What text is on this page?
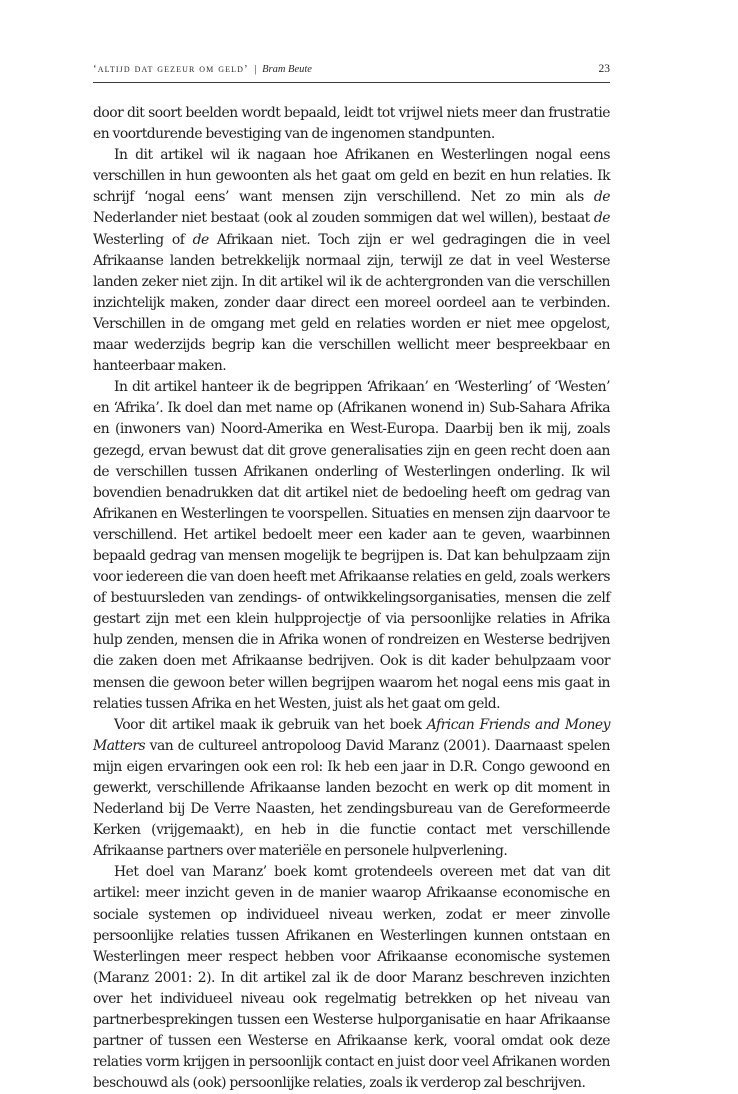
‘altijd dat gezeur om geld’ | Bram Beute	23

door dit soort beelden wordt bepaald, leidt tot vrijwel niets meer dan frustratie en voortdurende bevestiging van de ingenomen standpunten.

In dit artikel wil ik nagaan hoe Afrikanen en Westerlingen nogal eens verschillen in hun gewoonten als het gaat om geld en bezit en hun relaties. Ik schrijf ‘nogal eens’ want mensen zijn verschillend. Net zo min als de Nederlander niet bestaat (ook al zouden sommigen dat wel willen), bestaat de Westerling of de Afrikaan niet. Toch zijn er wel gedragingen die in veel Afrikaanse landen betrekkelijk normaal zijn, terwijl ze dat in veel Westerse landen zeker niet zijn. In dit artikel wil ik de achtergronden van die verschillen inzichtelijk maken, zonder daar direct een moreel oordeel aan te verbinden. Verschillen in de omgang met geld en relaties worden er niet mee opgelost, maar wederzijds begrip kan die verschillen wellicht meer bespreekbaar en hanteerbaar maken.

In dit artikel hanteer ik de begrippen ‘Afrikaan’ en ‘Westerling’ of ‘Westen’ en ‘Afrika’. Ik doel dan met name op (Afrikanen wonend in) Sub-Sahara Afrika en (inwoners van) Noord-Amerika en West-Europa. Daarbij ben ik mij, zoals gezegd, ervan bewust dat dit grove generalisaties zijn en geen recht doen aan de verschillen tussen Afrikanen onderling of Westerlingen onderling. Ik wil bovendien benadrukken dat dit artikel niet de bedoeling heeft om gedrag van Afrikanen en Westerlingen te voorspellen. Situaties en mensen zijn daarvoor te verschillend. Het artikel bedoelt meer een kader aan te geven, waarbinnen bepaald gedrag van mensen mogelijk te begrijpen is. Dat kan behulpzaam zijn voor iedereen die van doen heeft met Afrikaanse relaties en geld, zoals werkers of bestuursleden van zendings- of ontwikkelingsorganisaties, mensen die zelf gestart zijn met een klein hulpprojectje of via persoonlijke relaties in Afrika hulp zenden, mensen die in Afrika wonen of rondreizen en Westerse bedrijven die zaken doen met Afrikaanse bedrijven. Ook is dit kader behulpzaam voor mensen die gewoon beter willen begrijpen waarom het nogal eens mis gaat in relaties tussen Afrika en het Westen, juist als het gaat om geld.

Voor dit artikel maak ik gebruik van het boek African Friends and Money Matters van de cultureel antropoloog David Maranz (2001). Daarnaast spelen mijn eigen ervaringen ook een rol: Ik heb een jaar in D.R. Congo gewoond en gewerkt, verschillende Afrikaanse landen bezocht en werk op dit moment in Nederland bij De Verre Naasten, het zendingsbureau van de Gereformeerde Kerken (vrijgemaakt), en heb in die functie contact met verschillende Afrikaanse partners over materiële en personele hulpverlening.

Het doel van Maranz’ boek komt grotendeels overeen met dat van dit artikel: meer inzicht geven in de manier waarop Afrikaanse economische en sociale systemen op individueel niveau werken, zodat er meer zinvolle persoonlijke relaties tussen Afrikanen en Westerlingen kunnen ontstaan en Westerlingen meer respect hebben voor Afrikaanse economische systemen (Maranz 2001: 2). In dit artikel zal ik de door Maranz beschreven inzichten over het individueel niveau ook regelmatig betrekken op het niveau van partnerbesprekingen tussen een Westerse hulporganisatie en haar Afrikaanse partner of tussen een Westerse en Afrikaanse kerk, vooral omdat ook deze relaties vorm krijgen in persoonlijk contact en juist door veel Afrikanen worden beschouwd als (ook) persoonlijke relaties, zoals ik verderop zal beschrijven.
